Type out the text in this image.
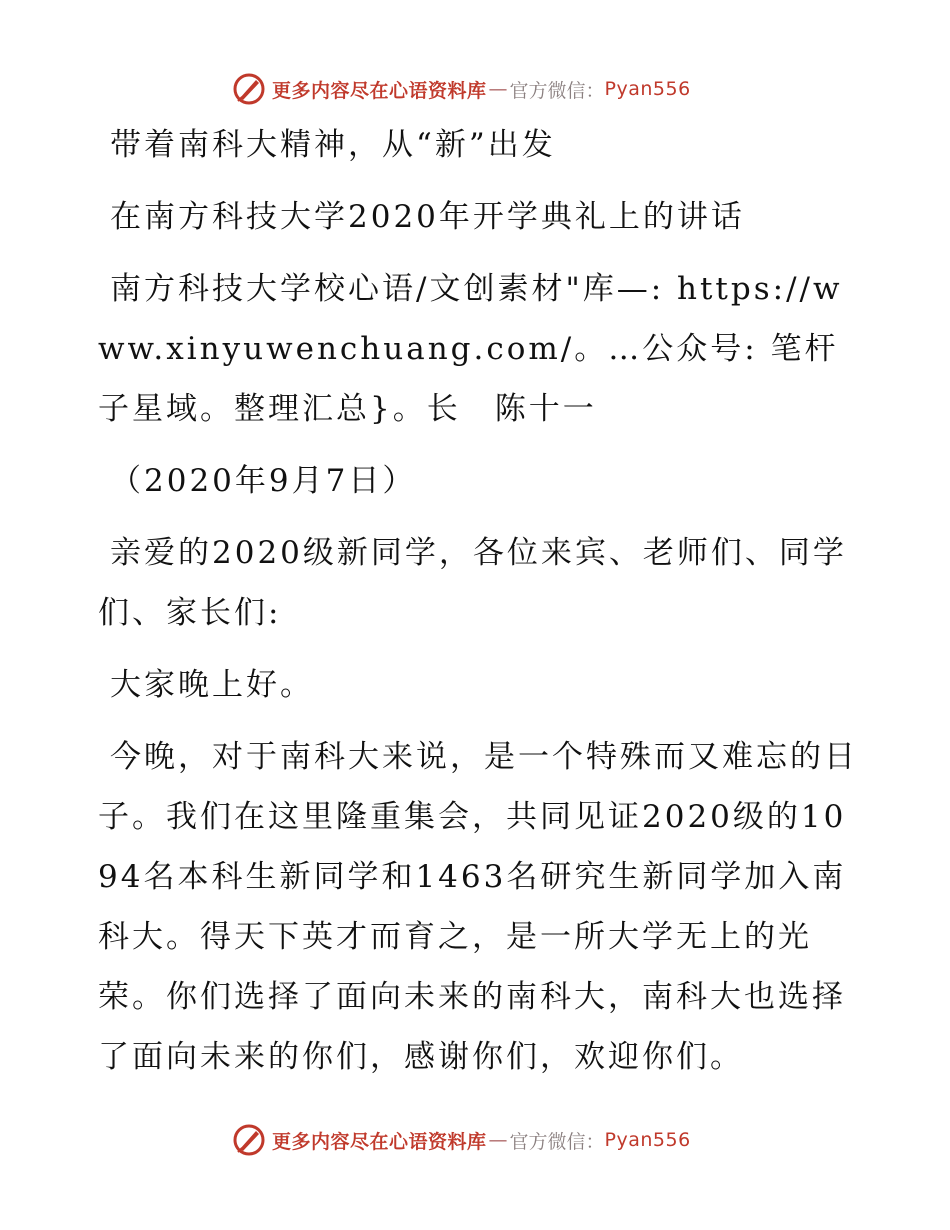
更多内容尽在心语资料库 — 官方微信： Pyan556

带着南科大精神，从“新”出发

在南方科技大学2020年开学典礼上的讲话

南方科技大学校心语/文创素材"库—: https://www.xinyuwenchuang.com/。…公众号: 笔杆子星域。整理汇总}。长　陈十一

（2020年9月7日）

亲爱的2020级新同学，各位来宾、老师们、同学们、家长们:

大家晚上好。

今晚，对于南科大来说，是一个特殊而又难忘的日子。我们在这里隆重集会，共同见证2020级的1094名本科生新同学和1463名研究生新同学加入南科大。得天下英才而育之，是一所大学无上的光荣。你们选择了面向未来的南科大，南科大也选择了面向未来的你们，感谢你们，欢迎你们。

更多内容尽在心语资料库 — 官方微信： Pyan556
